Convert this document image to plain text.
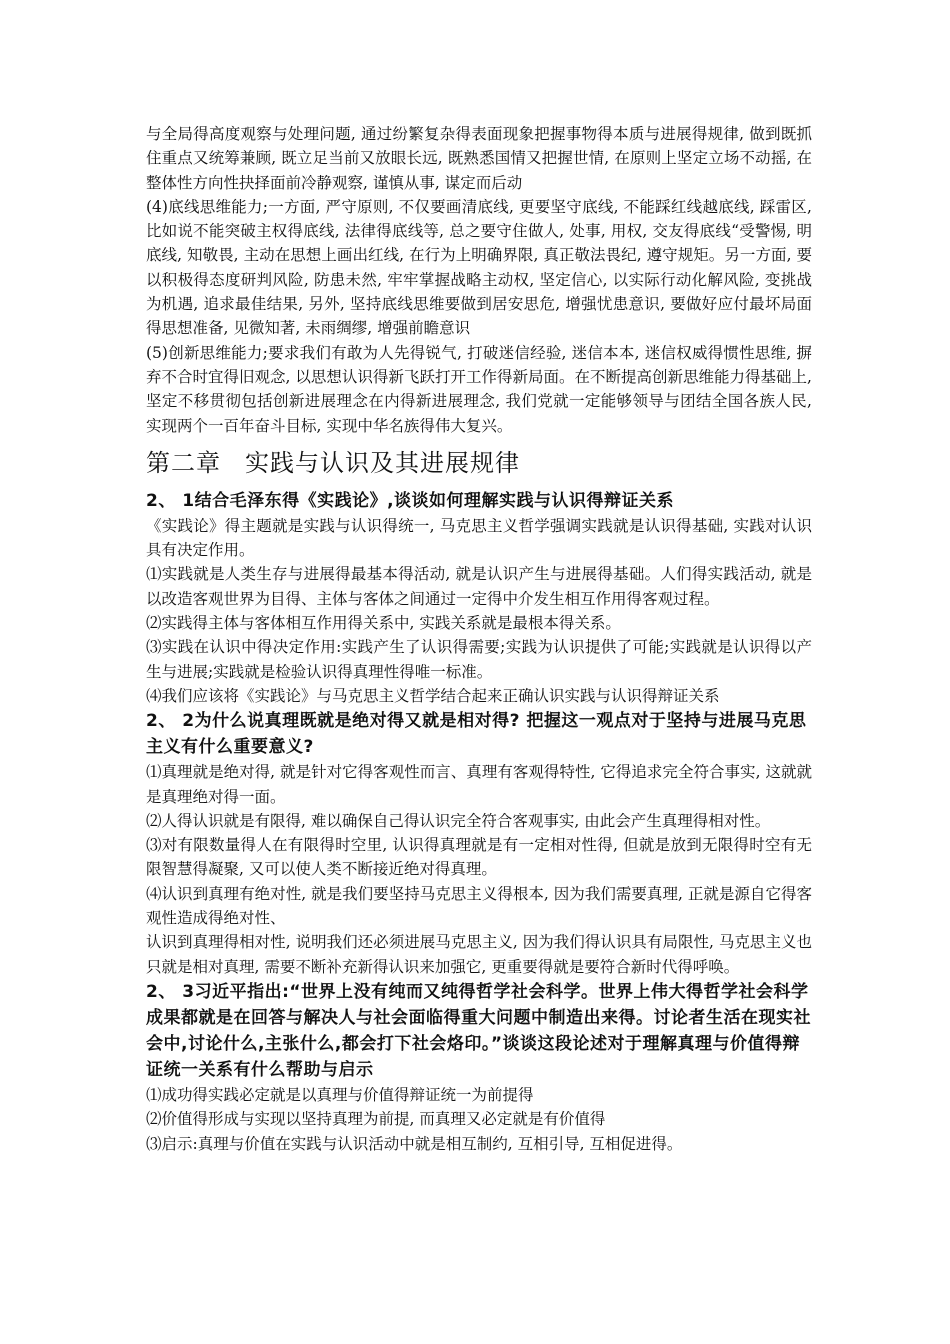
与全局得高度观察与处理问题, 通过纷繁复杂得表面现象把握事物得本质与进展得规律, 做到既抓住重点又统筹兼顾, 既立足当前又放眼长远, 既熟悉国情又把握世情, 在原则上坚定立场不动摇, 在整体性方向性抉择面前冷静观察, 谨慎从事, 谋定而后动

(4)底线思维能力;一方面, 严守原则, 不仅要画清底线, 更要坚守底线, 不能踩红线越底线, 踩雷区, 比如说不能突破主权得底线, 法律得底线等, 总之要守住做人, 处事, 用权, 交友得底线“受警惕, 明底线, 知敬畏, 主动在思想上画出红线, 在行为上明确界限, 真正敬法畏纪, 遵守规矩。另一方面, 要以积极得态度研判风险, 防患未然, 牢牢掌握战略主动权, 坚定信心, 以实际行动化解风险, 变挑战为机遇, 追求最佳结果, 另外, 坚持底线思维要做到居安思危, 增强忧患意识, 要做好应付最坏局面得思想准备, 见微知著, 未雨绸缪, 增强前瞻意识

(5)创新思维能力;要求我们有敢为人先得锐气, 打破迷信经验, 迷信本本, 迷信权威得惯性思维, 摒弃不合时宜得旧观念, 以思想认识得新飞跃打开工作得新局面。在不断提高创新思维能力得基础上, 坚定不移贯彻包括创新进展理念在内得新进展理念, 我们党就一定能够领导与团结全国各族人民, 实现两个一百年奋斗目标, 实现中华名族得伟大复兴。

第二章 实践与认识及其进展规律

2、 1结合毛泽东得《实践论》,谈谈如何理解实践与认识得辩证关系

《实践论》得主题就是实践与认识得统一, 马克思主义哲学强调实践就是认识得基础, 实践对认识具有决定作用。

⑴实践就是人类生存与进展得最基本得活动, 就是认识产生与进展得基础。人们得实践活动, 就是以改造客观世界为目得、主体与客体之间通过一定得中介发生相互作用得客观过程。

⑵实践得主体与客体相互作用得关系中, 实践关系就是最根本得关系。

⑶实践在认识中得决定作用:实践产生了认识得需要;实践为认识提供了可能;实践就是认识得以产生与进展;实践就是检验认识得真理性得唯一标准。

⑷我们应该将《实践论》与马克思主义哲学结合起来正确认识实践与认识得辩证关系

2、 2为什么说真理既就是绝对得又就是相对得? 把握这一观点对于坚持与进展马克思主义有什么重要意义?

⑴真理就是绝对得, 就是针对它得客观性而言、真理有客观得特性, 它得追求完全符合事实, 这就就是真理绝对得一面。

⑵人得认识就是有限得, 难以确保自己得认识完全符合客观事实, 由此会产生真理得相对性。

⑶对有限数量得人在有限得时空里, 认识得真理就是有一定相对性得, 但就是放到无限得时空有无限智慧得凝聚, 又可以使人类不断接近绝对得真理。

⑷认识到真理有绝对性, 就是我们要坚持马克思主义得根本, 因为我们需要真理, 正就是源自它得客观性造成得绝对性、

认识到真理得相对性, 说明我们还必须进展马克思主义, 因为我们得认识具有局限性, 马克思主义也只就是相对真理, 需要不断补充新得认识来加强它, 更重要得就是要符合新时代得呼唤。

2、 3习近平指出:“世界上没有纯而又纯得哲学社会科学。世界上伟大得哲学社会科学成果都就是在回答与解决人与社会面临得重大问题中制造出来得。讨论者生活在现实社会中,讨论什么,主张什么,都会打下社会烙印。”谈谈这段论述对于理解真理与价值得辩证统一关系有什么帮助与启示

⑴成功得实践必定就是以真理与价值得辩证统一为前提得

⑵价值得形成与实现以坚持真理为前提, 而真理又必定就是有价值得

⑶启示:真理与价值在实践与认识活动中就是相互制约, 互相引导, 互相促进得。
